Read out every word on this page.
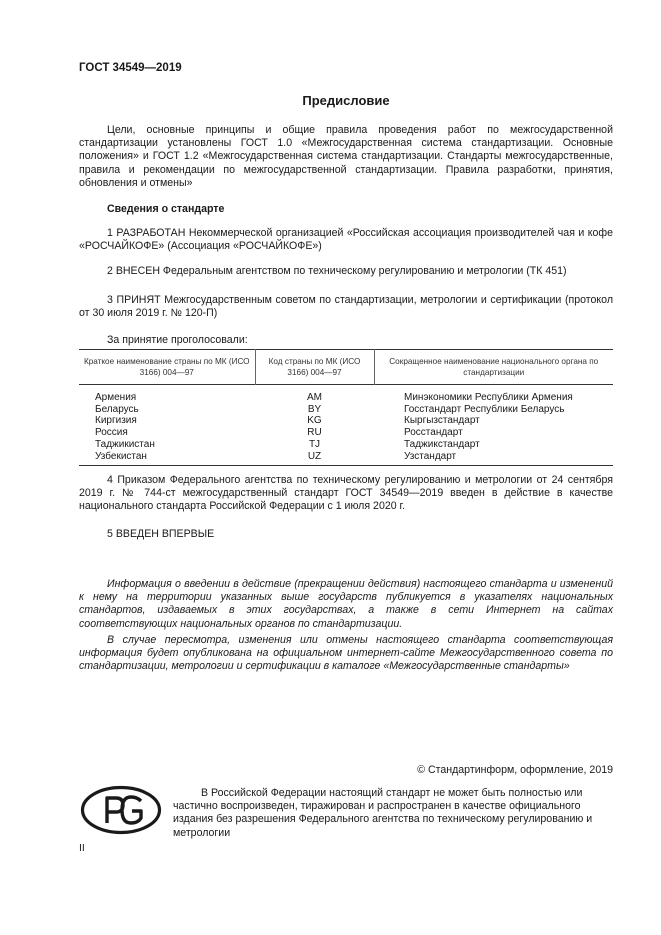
ГОСТ 34549—2019
Предисловие
Цели, основные принципы и общие правила проведения работ по межгосударственной стандартизации установлены ГОСТ 1.0 «Межгосударственная система стандартизации. Основные положения» и ГОСТ 1.2 «Межгосударственная система стандартизации. Стандарты межгосударственные, правила и рекомендации по межгосударственной стандартизации. Правила разработки, принятия, обновления и отмены»
Сведения о стандарте
1 РАЗРАБОТАН Некоммерческой организацией «Российская ассоциация производителей чая и кофе «РОСЧАЙКОФЕ» (Ассоциация «РОСЧАЙКОФЕ»)
2 ВНЕСЕН Федеральным агентством по техническому регулированию и метрологии (ТК 451)
3 ПРИНЯТ Межгосударственным советом по стандартизации, метрологии и сертификации (протокол от 30 июля 2019 г. № 120-П)
За принятие проголосовали:
Краткое наименование страны по МК (ИСО 3166) 004—97	Код страны по МК (ИСО 3166) 004—97	Сокращенное наименование национального органа по стандартизации
Армения	AM	Минэкономики Республики Армения
Беларусь	BY	Госстандарт Республики Беларусь
Киргизия	KG	Кыргызстандарт
Россия	RU	Росстандарт
Таджикистан	TJ	Таджикстандарт
Узбекистан	UZ	Узстандарт
4 Приказом Федерального агентства по техническому регулированию и метрологии от 24 сентября 2019 г. № 744-ст межгосударственный стандарт ГОСТ 34549—2019 введен в действие в качестве национального стандарта Российской Федерации с 1 июля 2020 г.
5 ВВЕДЕН ВПЕРВЫЕ
Информация о введении в действие (прекращении действия) настоящего стандарта и изменений к нему на территории указанных выше государств публикуется в указателях национальных стандартов, издаваемых в этих государствах, а также в сети Интернет на сайтах соответствующих национальных органов по стандартизации.
В случае пересмотра, изменения или отмены настоящего стандарта соответствующая информация будет опубликована на официальном интернет-сайте Межгосударственного совета по стандартизации, метрологии и сертификации в каталоге «Межгосударственные стандарты»
© Стандартинформ, оформление, 2019
В Российской Федерации настоящий стандарт не может быть полностью или частично воспроизведен, тиражирован и распространен в качестве официального издания без разрешения Федерального агентства по техническому регулированию и метрологии
II
